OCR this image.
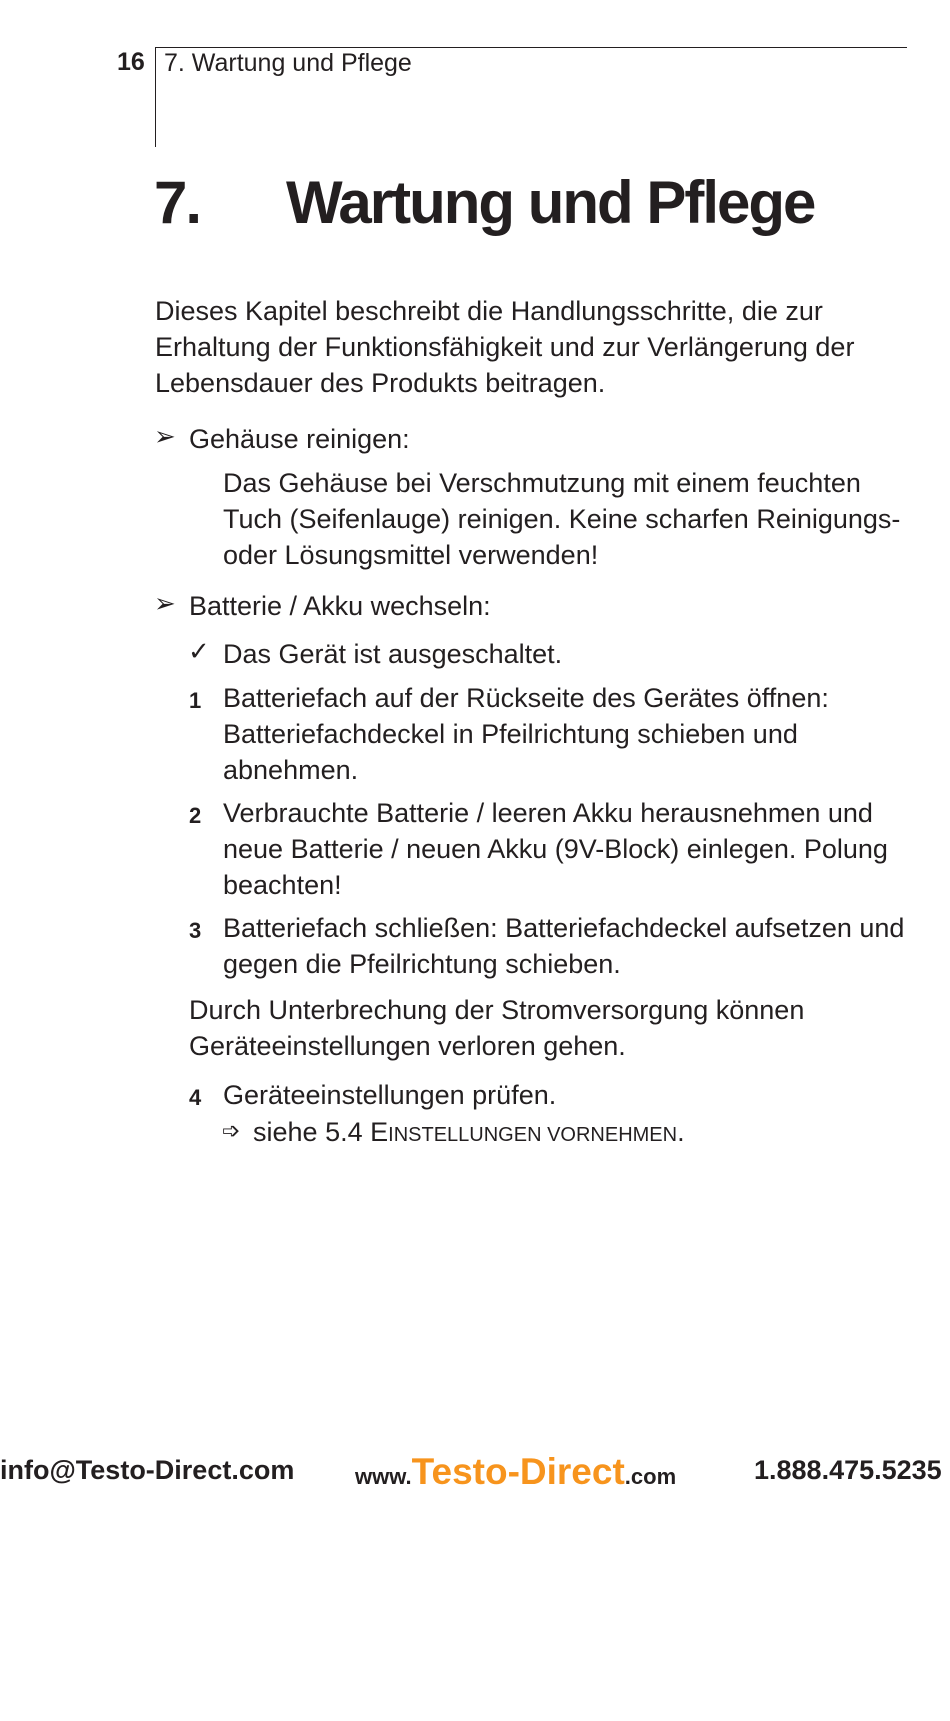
16 7. Wartung und Pflege
7. Wartung und Pflege
Dieses Kapitel beschreibt die Handlungsschritte, die zur Erhaltung der Funktionsfähigkeit und zur Verlängerung der Lebensdauer des Produkts beitragen.
➢ Gehäuse reinigen:
Das Gehäuse bei Verschmutzung mit einem feuchten Tuch (Seifenlauge) reinigen. Keine scharfen Reinigungs- oder Lösungsmittel verwenden!
➢ Batterie / Akku wechseln:
✓ Das Gerät ist ausgeschaltet.
1 Batteriefach auf der Rückseite des Gerätes öffnen: Batteriefachdeckel in Pfeilrichtung schieben und abnehmen.
2 Verbrauchte Batterie / leeren Akku herausnehmen und neue Batterie / neuen Akku (9V-Block) einlegen. Polung beachten!
3 Batteriefach schließen: Batteriefachdeckel aufsetzen und gegen die Pfeilrichtung schieben.
Durch Unterbrechung der Stromversorgung können Geräteeinstellungen verloren gehen.
4 Geräteeinstellungen prüfen.
➩ siehe 5.4 EINSTELLUNGEN VORNEHMEN.
info@Testo-Direct.com	www.Testo-Direct.com	1.888.475.5235
